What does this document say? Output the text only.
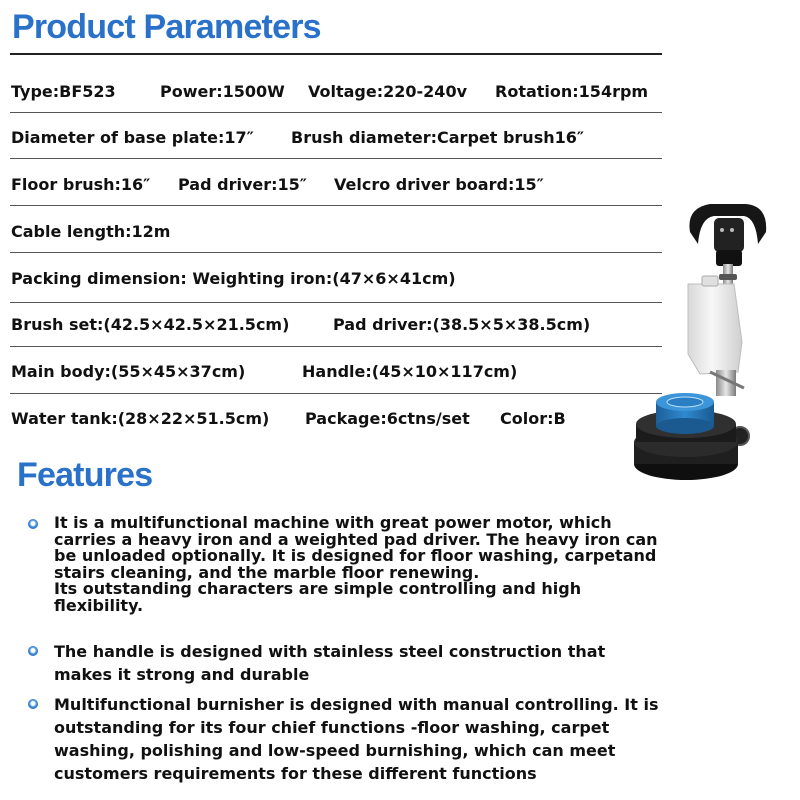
Product Parameters
Type:BF523	Power:1500W Voltage:220-240v Rotation:154rpm
Diameter of base plate:17″ Brush diameter:Carpet brush16″
Floor brush:16″ Pad driver:15″ Velcro driver board:15″
Cable length:12m
Packing dimension: Weighting iron:(47×6×41cm)
Brush set:(42.5×42.5×21.5cm)	Pad driver:(38.5×5×38.5cm)
Main body:(55×45×37cm)	Handle:(45×10×117cm)
Water tank:(28×22×51.5cm) Package:6ctns/set Color:B
Features
It is a multifunctional machine with great power motor, which carries a heavy iron and a weighted pad driver. The heavy iron can be unloaded optionally. It is designed for floor washing, carpetand stairs cleaning, and the marble floor renewing.
Its outstanding characters are simple controlling and high flexibility.
The handle is designed with stainless steel construction that makes it strong and durable
Multifunctional burnisher is designed with manual controlling. It is outstanding for its four chief functions -floor washing, carpet washing, polishing and low-speed burnishing, which can meet customers requirements for these different functions
